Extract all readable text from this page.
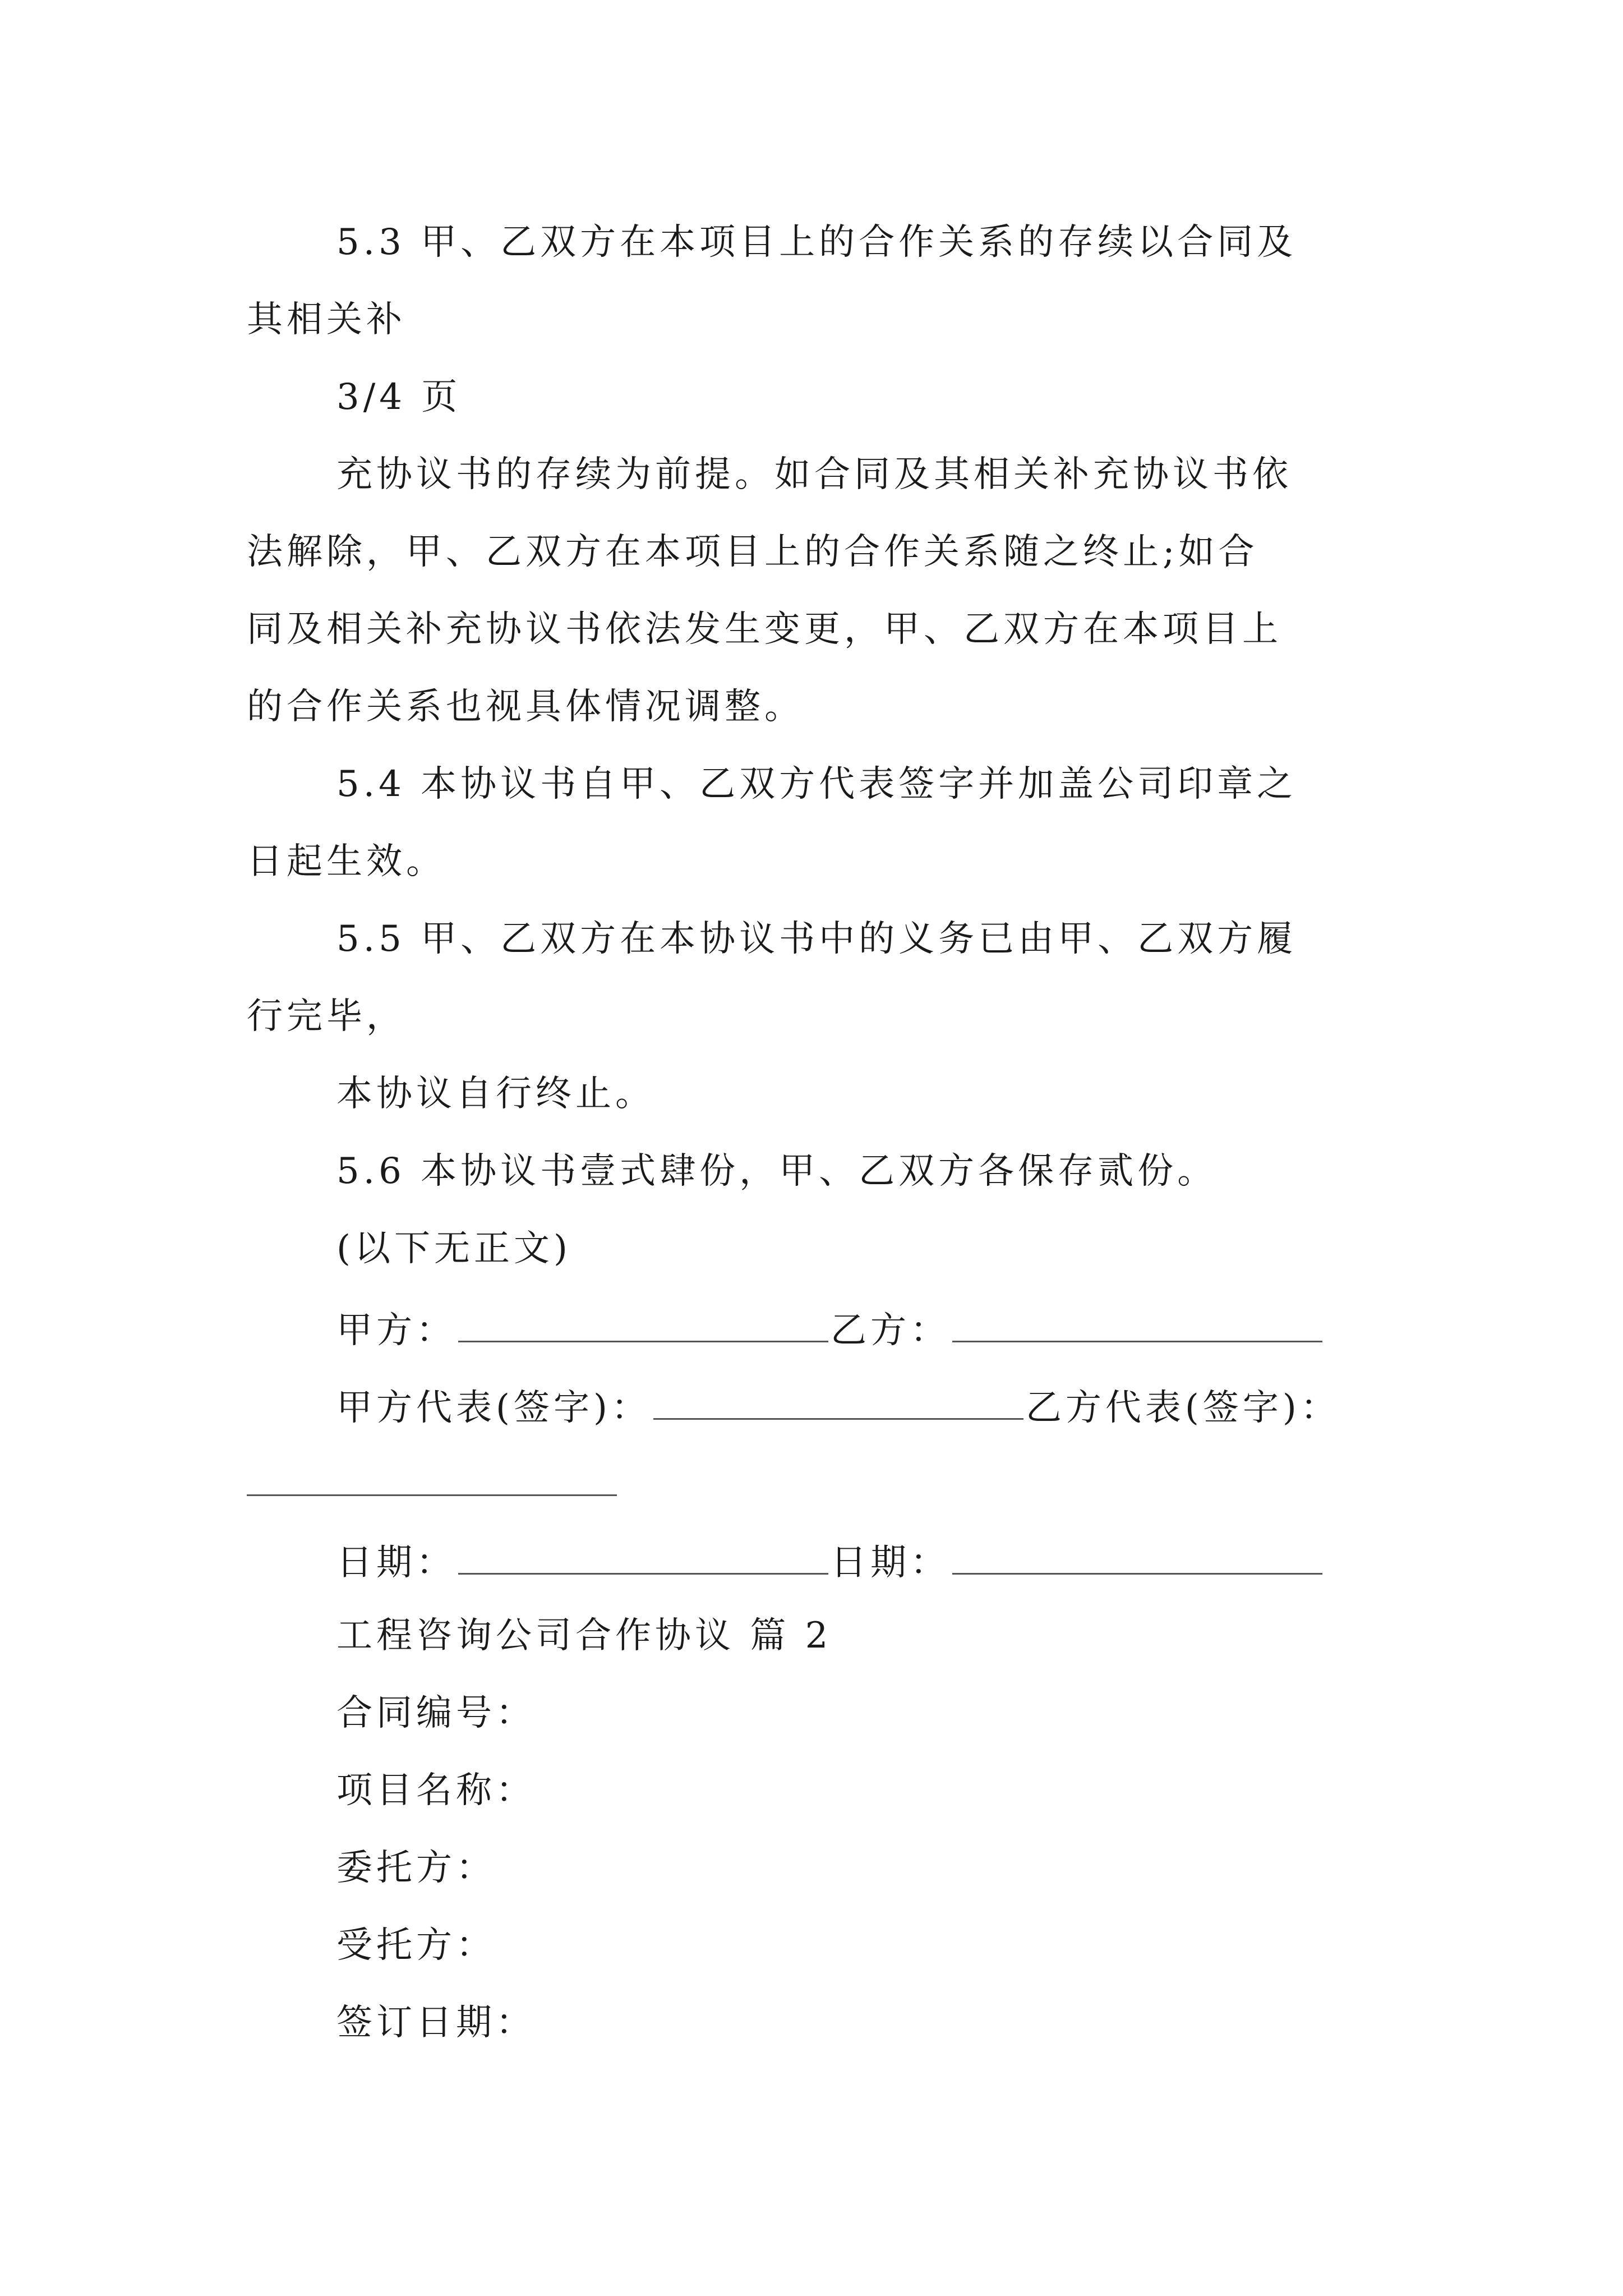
5.3 甲、乙双方在本项目上的合作关系的存续以合同及
其相关补
3/4 页
充协议书的存续为前提。如合同及其相关补充协议书依
法解除，甲、乙双方在本项目上的合作关系随之终止;如合
同及相关补充协议书依法发生变更，甲、乙双方在本项目上
的合作关系也视具体情况调整。
5.4 本协议书自甲、乙双方代表签字并加盖公司印章之
日起生效。
5.5 甲、乙双方在本协议书中的义务已由甲、乙双方履
行完毕，
本协议自行终止。
5.6 本协议书壹式肆份，甲、乙双方各保存贰份。
(以下无正文)
甲方：	乙方：
甲方代表(签字)：	乙方代表(签字)：
日期：	日期：
工程咨询公司合作协议 篇 2
合同编号：
项目名称：
委托方：
受托方：
签订日期：
